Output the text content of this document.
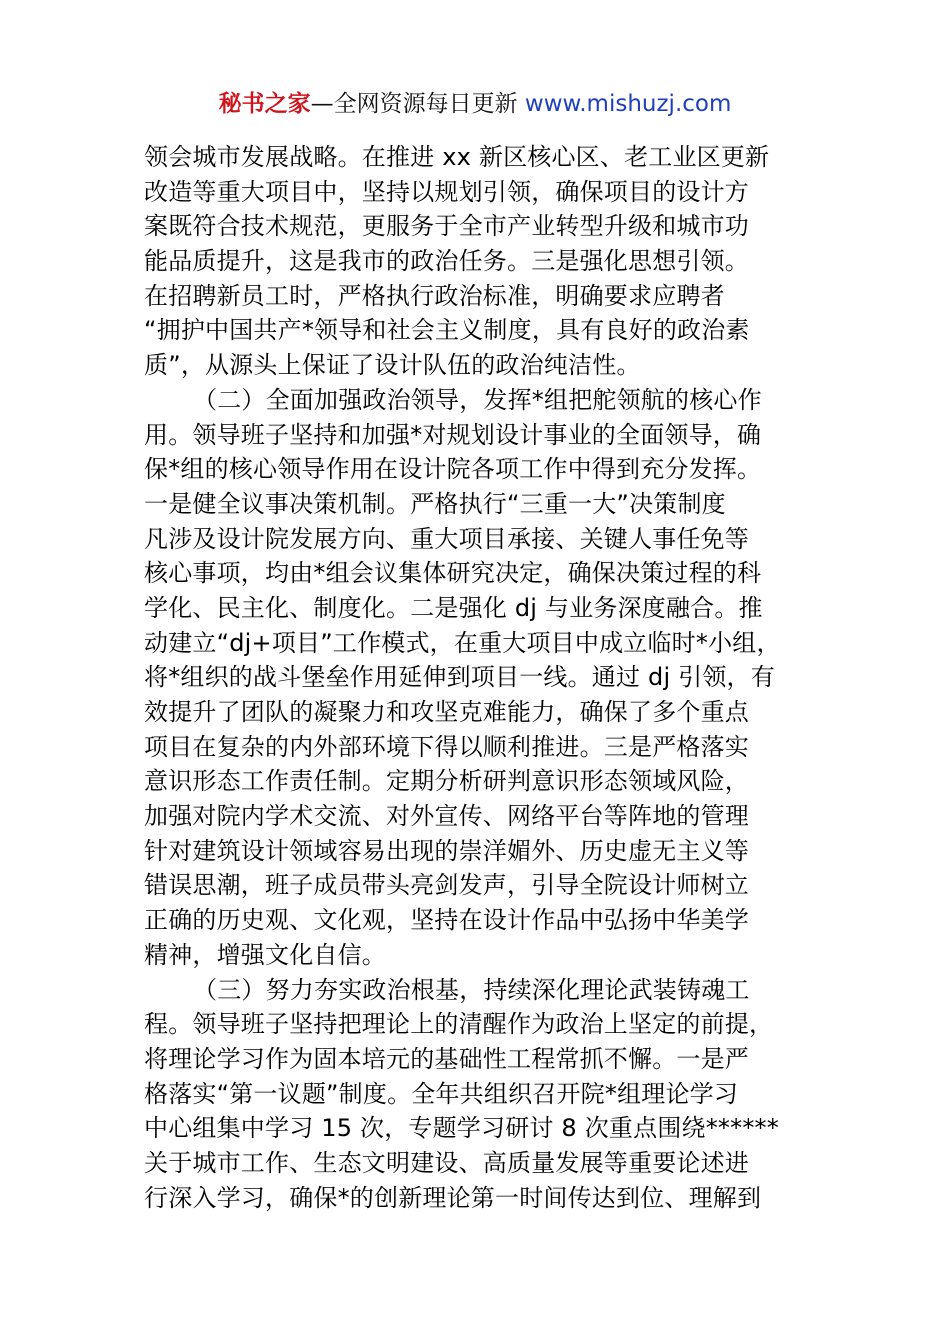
秘书之家—全网资源每日更新 www.mishuzj.com
领会城市发展战略。在推进 xx 新区核心区、老工业区更新
改造等重大项目中，坚持以规划引领，确保项目的设计方
案既符合技术规范，更服务于全市产业转型升级和城市功
能品质提升，这是我市的政治任务。三是强化思想引领。
在招聘新员工时，严格执行政治标准，明确要求应聘者
“拥护中国共产*领导和社会主义制度，具有良好的政治素
质”，从源头上保证了设计队伍的政治纯洁性。
（二）全面加强政治领导，发挥*组把舵领航的核心作
用。领导班子坚持和加强*对规划设计事业的全面领导，确
保*组的核心领导作用在设计院各项工作中得到充分发挥。
一是健全议事决策机制。严格执行“三重一大”决策制度
凡涉及设计院发展方向、重大项目承接、关键人事任免等
核心事项，均由*组会议集体研究决定，确保决策过程的科
学化、民主化、制度化。二是强化 dj 与业务深度融合。推
动建立“dj+项目”工作模式，在重大项目中成立临时*小组，
将*组织的战斗堡垒作用延伸到项目一线。通过 dj 引领，有
效提升了团队的凝聚力和攻坚克难能力，确保了多个重点
项目在复杂的内外部环境下得以顺利推进。三是严格落实
意识形态工作责任制。定期分析研判意识形态领域风险，
加强对院内学术交流、对外宣传、网络平台等阵地的管理
针对建筑设计领域容易出现的崇洋媚外、历史虚无主义等
错误思潮，班子成员带头亮剑发声，引导全院设计师树立
正确的历史观、文化观，坚持在设计作品中弘扬中华美学
精神，增强文化自信。
（三）努力夯实政治根基，持续深化理论武装铸魂工
程。领导班子坚持把理论上的清醒作为政治上坚定的前提，
将理论学习作为固本培元的基础性工程常抓不懈。一是严
格落实“第一议题”制度。全年共组织召开院*组理论学习
中心组集中学习 15 次，专题学习研讨 8 次重点围绕******
关于城市工作、生态文明建设、高质量发展等重要论述进
行深入学习，确保*的创新理论第一时间传达到位、理解到
